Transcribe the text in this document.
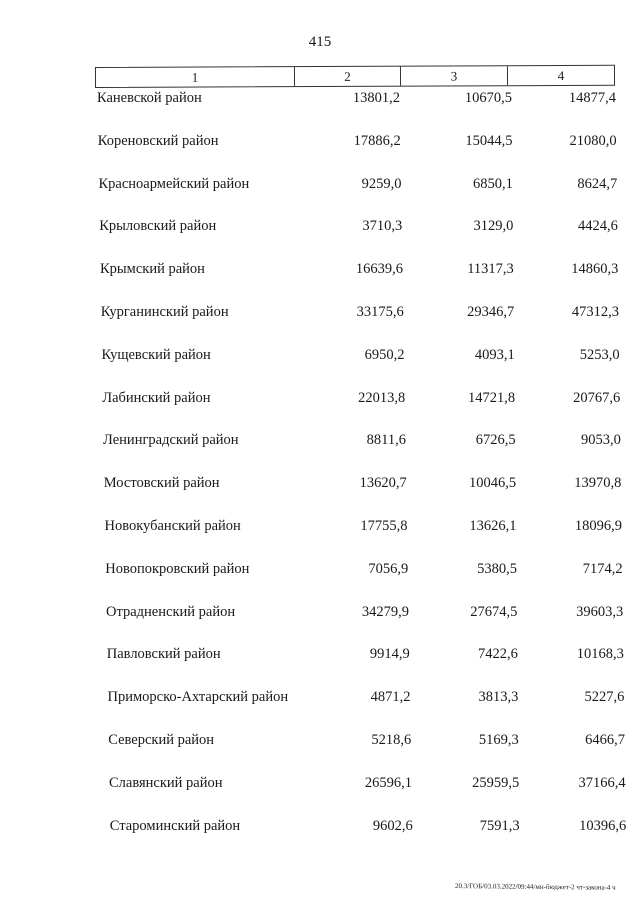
415
1	2	3	4
Каневской район	13801,2	10670,5	14877,4
Кореновский район	17886,2	15044,5	21080,0
Красноармейский район	9259,0	6850,1	8624,7
Крыловский район	3710,3	3129,0	4424,6
Крымский район	16639,6	11317,3	14860,3
Курганинский район	33175,6	29346,7	47312,3
Кущевский район	6950,2	4093,1	5253,0
Лабинский район	22013,8	14721,8	20767,6
Ленинградский район	8811,6	6726,5	9053,0
Мостовский район	13620,7	10046,5	13970,8
Новокубанский район	17755,8	13626,1	18096,9
Новопокровский район	7056,9	5380,5	7174,2
Отрадненский район	34279,9	27674,5	39603,3
Павловский район	9914,9	7422,6	10168,3
Приморско-Ахтарский район	4871,2	3813,3	5227,6
Северский район	5218,6	5169,3	6466,7
Славянский район	26596,1	25959,5	37166,4
Староминский район	9602,6	7591,3	10396,6
20.3/ГОБ/03.03.2022/09:44/мн-бюджет-2 чт-закона-4 ч
